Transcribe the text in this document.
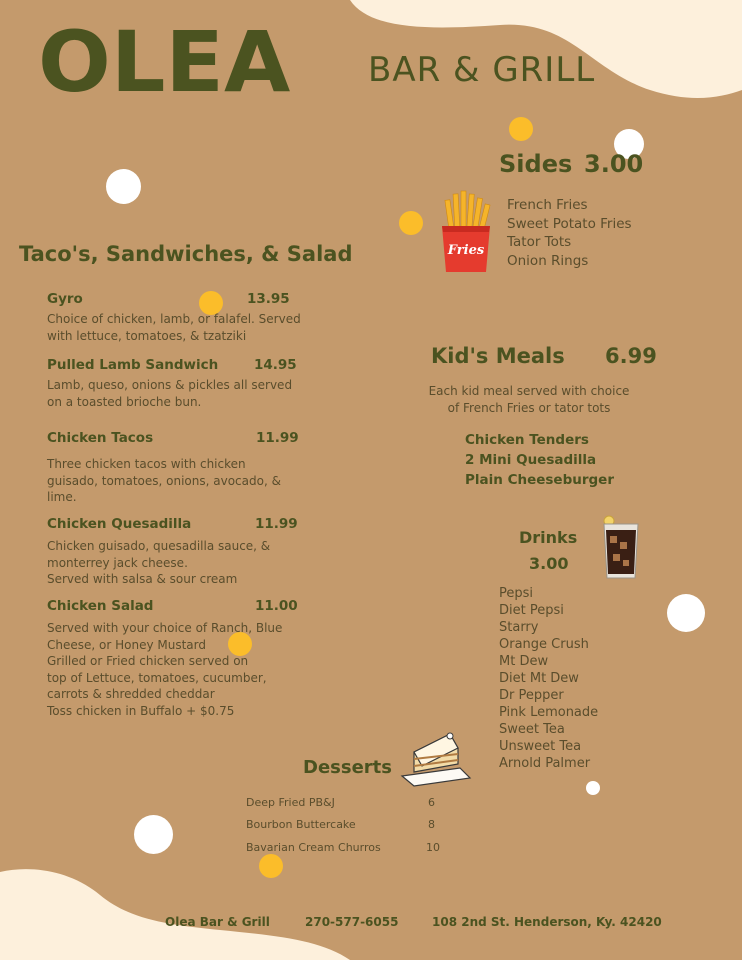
OLEA BAR & GRILL
Sides 3.00
Fries
French Fries
Sweet Potato Fries
Tator Tots
Onion Rings
Taco's, Sandwiches, & Salad
Gyro	13.95
Choice of chicken, lamb, or falafel. Served
with lettuce, tomatoes, & tzatziki
Pulled Lamb Sandwich	14.95
Lamb, queso, onions & pickles all served
on a toasted brioche bun.
Chicken Tacos	11.99
Three chicken tacos with chicken
guisado, tomatoes, onions, avocado, &
lime.
Chicken Quesadilla	11.99
Chicken guisado, quesadilla sauce, &
monterrey jack cheese.
Served with salsa & sour cream
Chicken Salad	11.00
Served with your choice of Ranch, Blue
Cheese, or Honey Mustard
Grilled or Fried chicken served on
top of Lettuce, tomatoes, cucumber,
carrots & shredded cheddar
Toss chicken in Buffalo + $0.75
Kid's Meals 6.99
Each kid meal served with choice
of French Fries or tator tots
Chicken Tenders
2 Mini Quesadilla
Plain Cheeseburger
Drinks
3.00
Pepsi
Diet Pepsi
Starry
Orange Crush
Mt Dew
Diet Mt Dew
Dr Pepper
Pink Lemonade
Sweet Tea
Unsweet Tea
Arnold Palmer
Desserts
Deep Fried PB&J	6
Bourbon Buttercake	8
Bavarian Cream Churros	10
Olea Bar & Grill	270-577-6055	108 2nd St. Henderson, Ky. 42420
